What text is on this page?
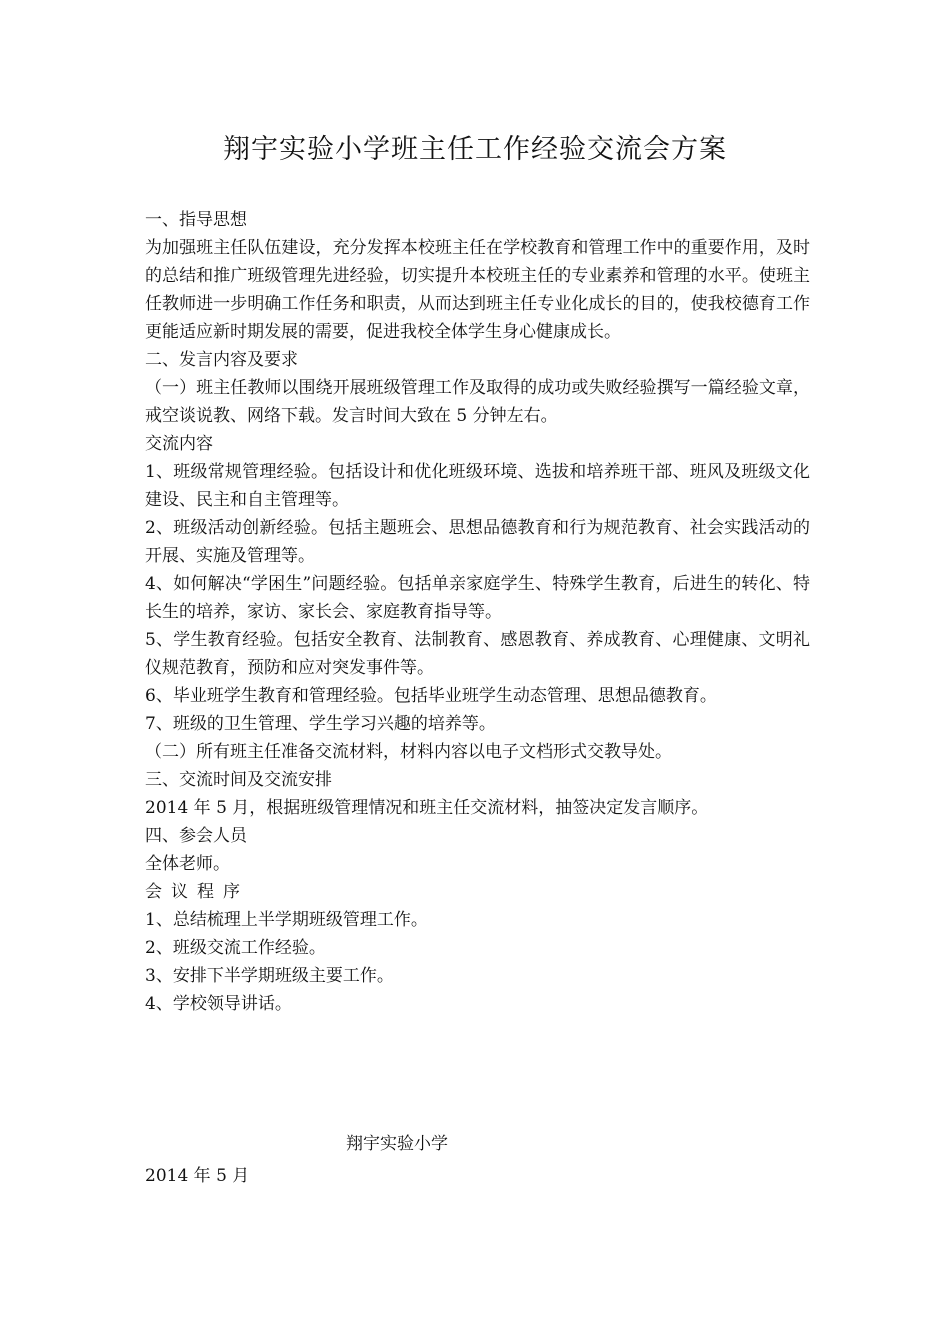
翔宇实验小学班主任工作经验交流会方案
一、指导思想
为加强班主任队伍建设，充分发挥本校班主任在学校教育和管理工作中的重要作用，及时的总结和推广班级管理先进经验，切实提升本校班主任的专业素养和管理的水平。使班主任教师进一步明确工作任务和职责，从而达到班主任专业化成长的目的，使我校德育工作更能适应新时期发展的需要，促进我校全体学生身心健康成长。
二、发言内容及要求
（一）班主任教师以围绕开展班级管理工作及取得的成功或失败经验撰写一篇经验文章，戒空谈说教、网络下载。发言时间大致在 5 分钟左右。
交流内容
1、班级常规管理经验。包括设计和优化班级环境、选拔和培养班干部、班风及班级文化建设、民主和自主管理等。
2、班级活动创新经验。包括主题班会、思想品德教育和行为规范教育、社会实践活动的开展、实施及管理等。
4、如何解决“学困生”问题经验。包括单亲家庭学生、特殊学生教育，后进生的转化、特长生的培养，家访、家长会、家庭教育指导等。
5、学生教育经验。包括安全教育、法制教育、感恩教育、养成教育、心理健康、文明礼仪规范教育，预防和应对突发事件等。
6、毕业班学生教育和管理经验。包括毕业班学生动态管理、思想品德教育。
7、班级的卫生管理、学生学习兴趣的培养等。
（二）所有班主任准备交流材料，材料内容以电子文档形式交教导处。
三、交流时间及交流安排
2014 年 5 月，根据班级管理情况和班主任交流材料，抽签决定发言顺序。
四、参会人员
全体老师。
会议程序
1、总结梳理上半学期班级管理工作。
2、班级交流工作经验。
3、安排下半学期班级主要工作。
4、学校领导讲话。
翔宇实验小学
2014 年 5 月
